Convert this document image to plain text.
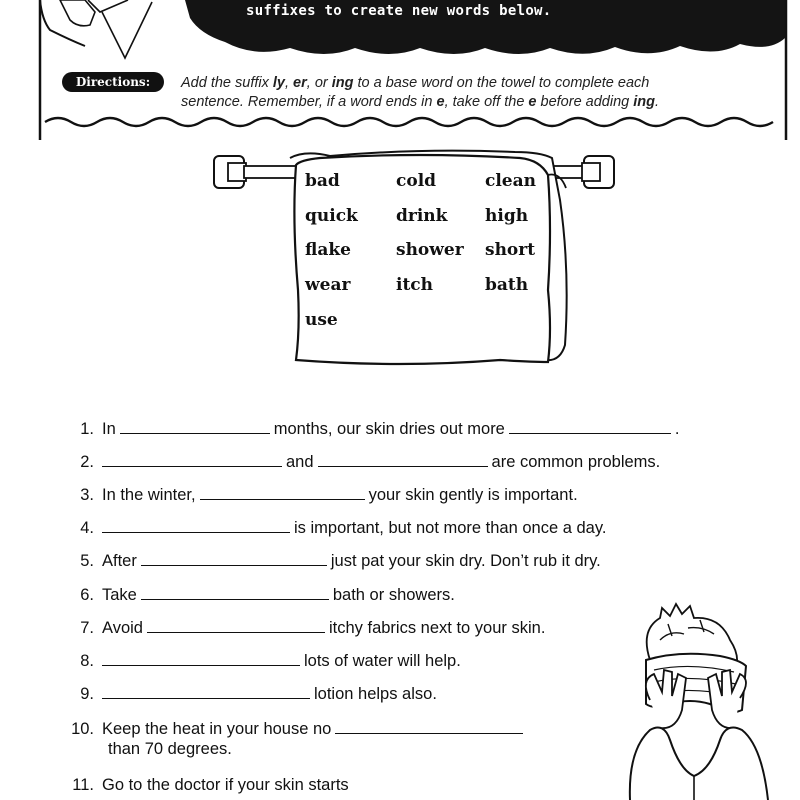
suffixes to create new words below.
Directions:	Add the suffix ly, er, or ing to a base word on the towel to complete each
sentence. Remember, if a word ends in e, take off the e before adding ing.
bad	cold	clean
quick drink high
flake	shower short
wear	itch	bath
use
1. In	months, our skin dries out more	.
2.	and	are common problems.
3. In the winter,	your skin gently is important.
4.	is important, but not more than once a day.
5. After	just pat your skin dry. Don’t rub it dry.
6. Take	bath or showers.
7. Avoid	itchy fabrics next to your skin.
8.	lots of water will help.
9.	lotion helps also.
10. Keep the heat in your house no
than 70 degrees.
11. Go to the doctor if your skin starts
